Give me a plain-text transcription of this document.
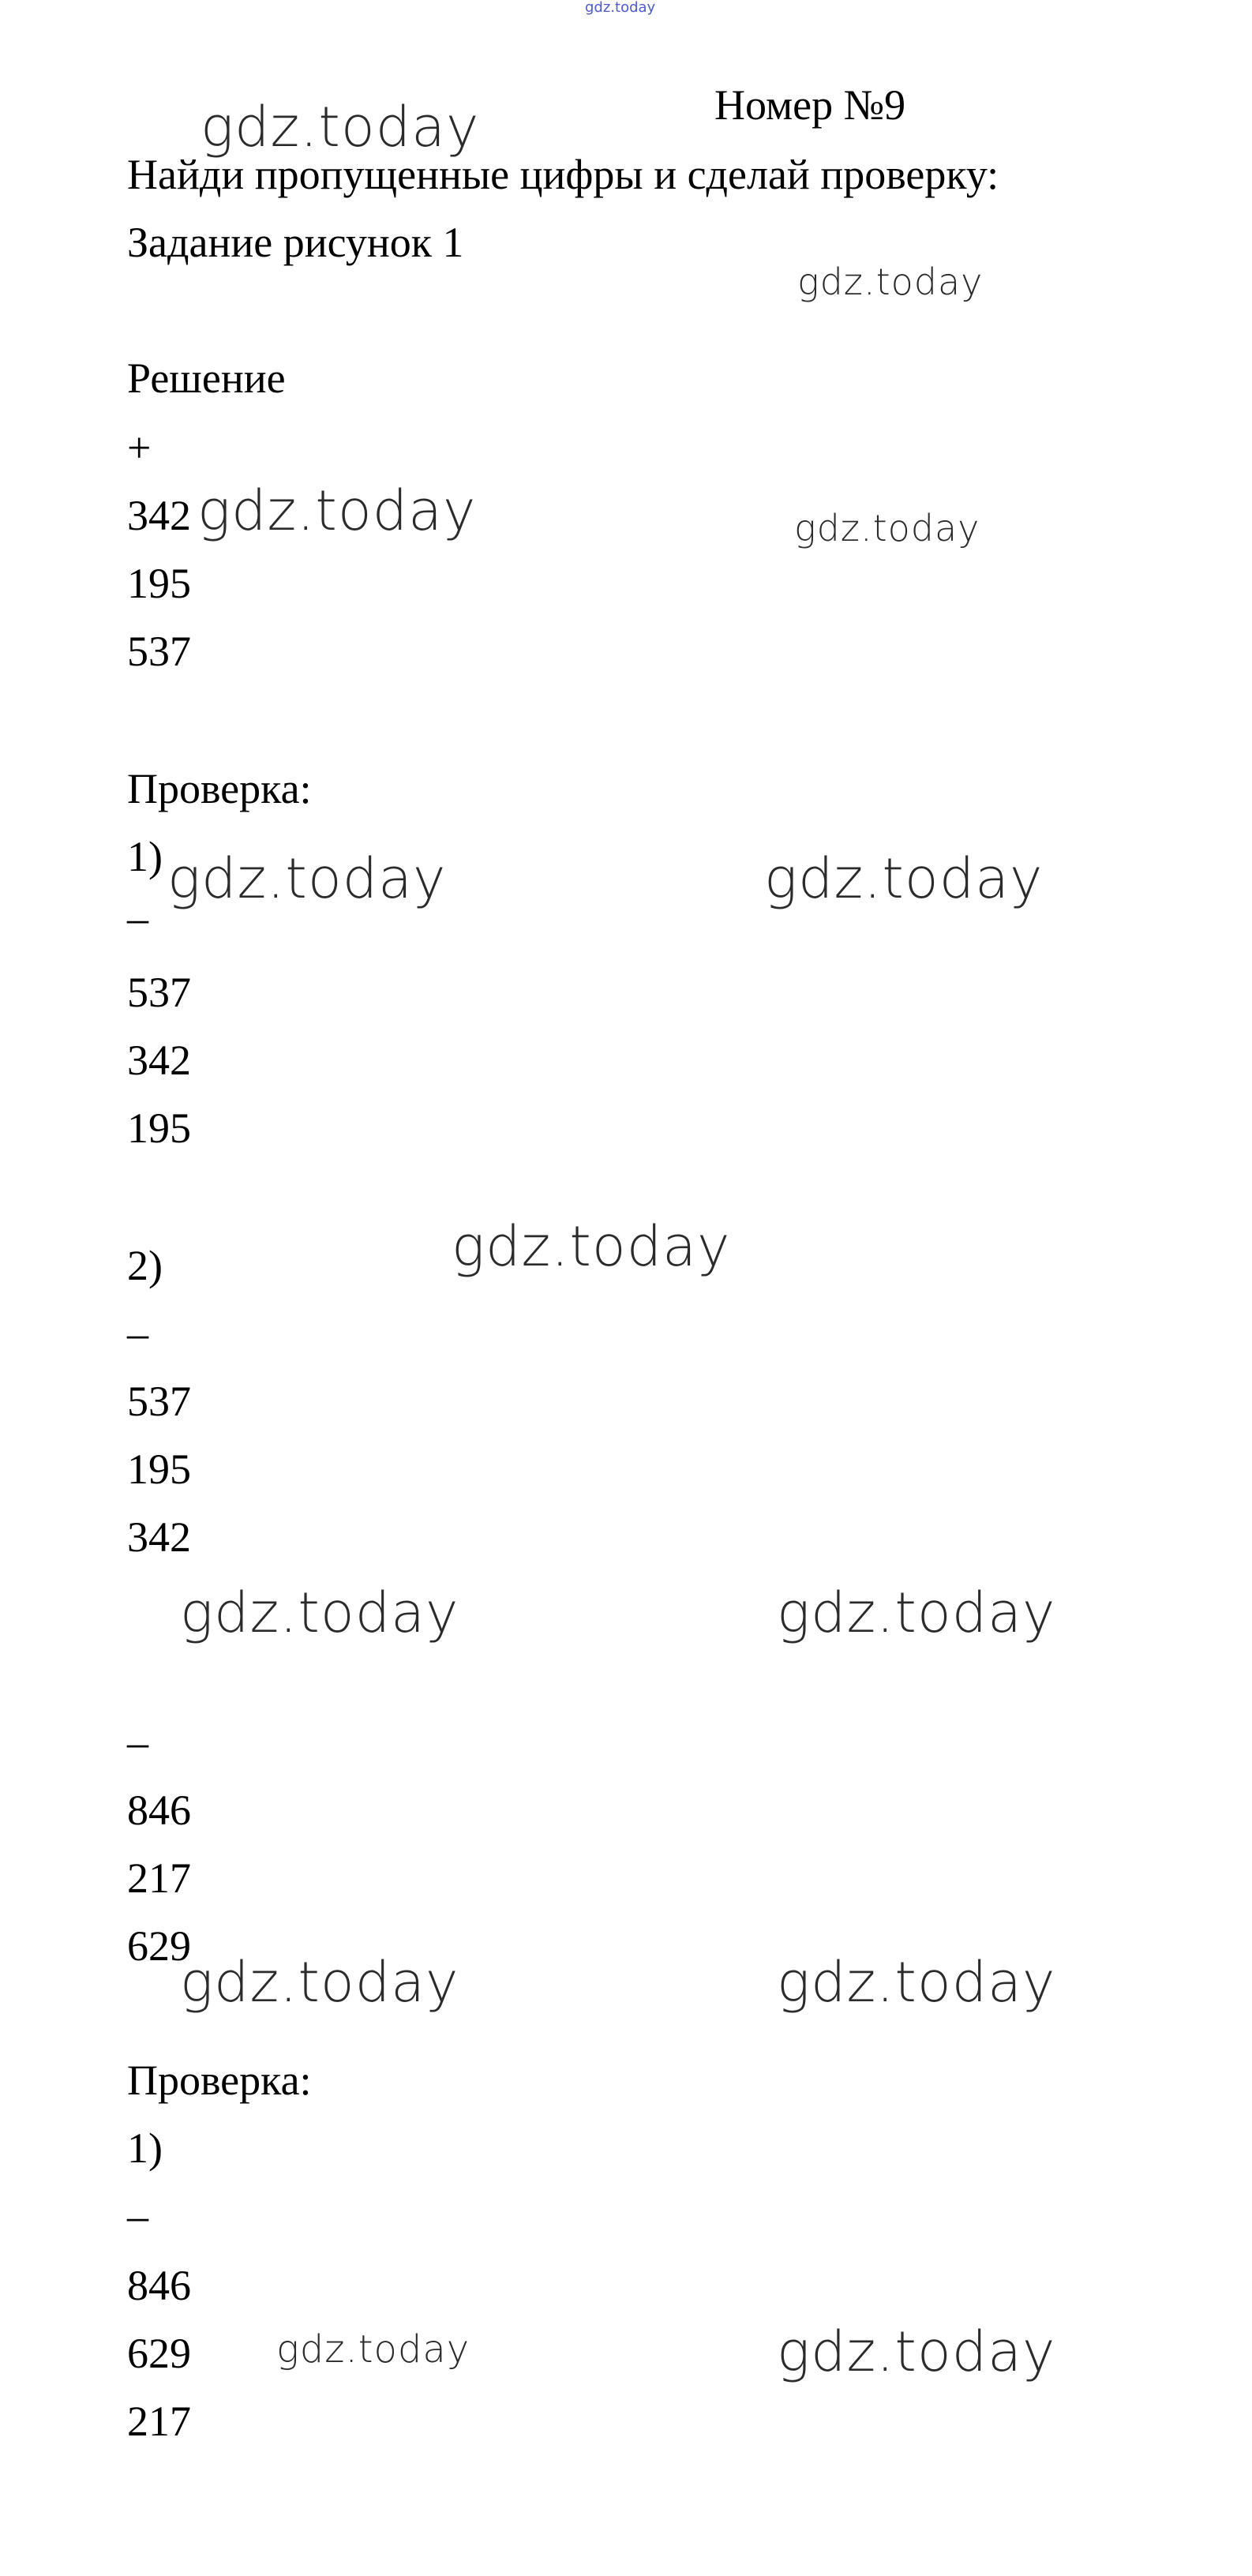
gdz.today
Номер №9
Найди пропущенные цифры и сделай проверку:
Задание рисунок 1
Решение
+
342
195
537
Проверка:
1)
–
537
342
195
2)
–
537
195
342
–
846
217
629
Проверка:
1)
–
846
629
217
gdz.today
gdz.today
gdz.today	gdz.today
gdz.today	gdz.today
gdz.today
gdz.today	gdz.today
gdz.today	gdz.today
gdz.today	gdz.today
